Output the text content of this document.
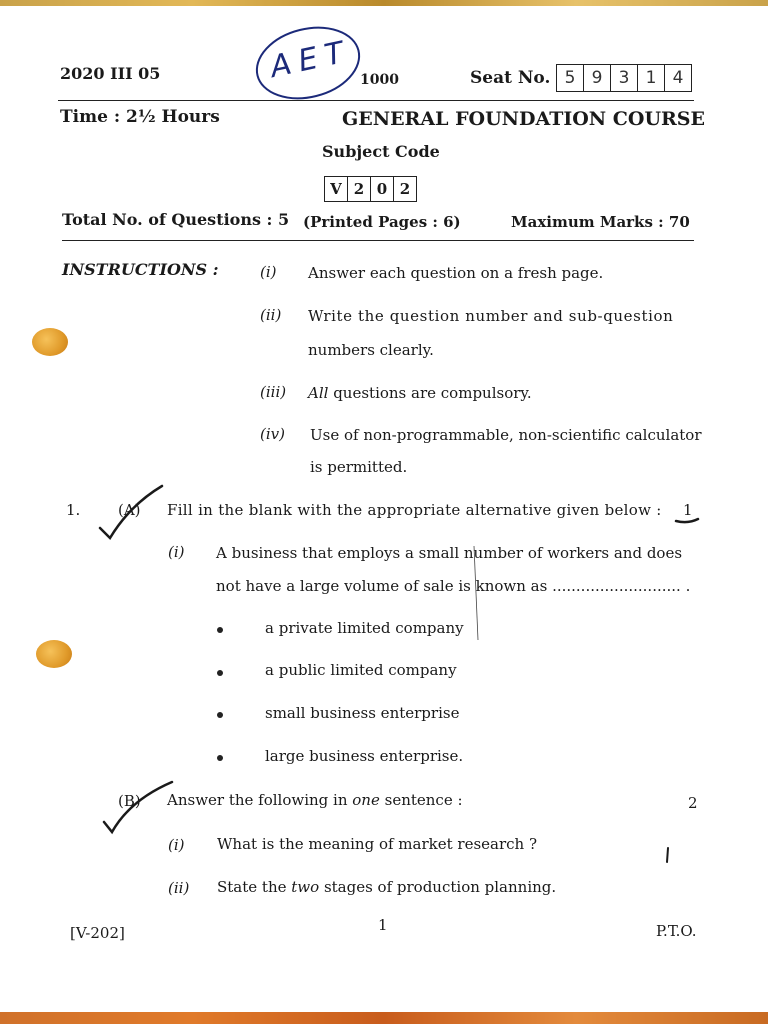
2020 III 05	AET 1000	Seat No. 5 9 3 1 4
Time : 2½ Hours	GENERAL FOUNDATION COURSE
Subject Code
V 2 0 2
Total No. of Questions : 5 (Printed Pages : 6)	Maximum Marks : 70
INSTRUCTIONS :	(i) Answer each question on a fresh page.
(ii) Write the question number and sub-question
numbers clearly.
(iii) All questions are compulsory.
(iv) Use of non-programmable, non-scientific calculator
is permitted.
1.	(A) Fill in the blank with the appropriate alternative given below : 1
(i) A business that employs a small number of workers and does
not have a large volume of sale is known as ........................... .
a private limited company
a public limited company
small business enterprise
large business enterprise.
(B) Answer the following in one sentence :	2
(i) What is the meaning of market research ?
(ii) State the two stages of production planning.
[V-202]	1	P.T.O.
